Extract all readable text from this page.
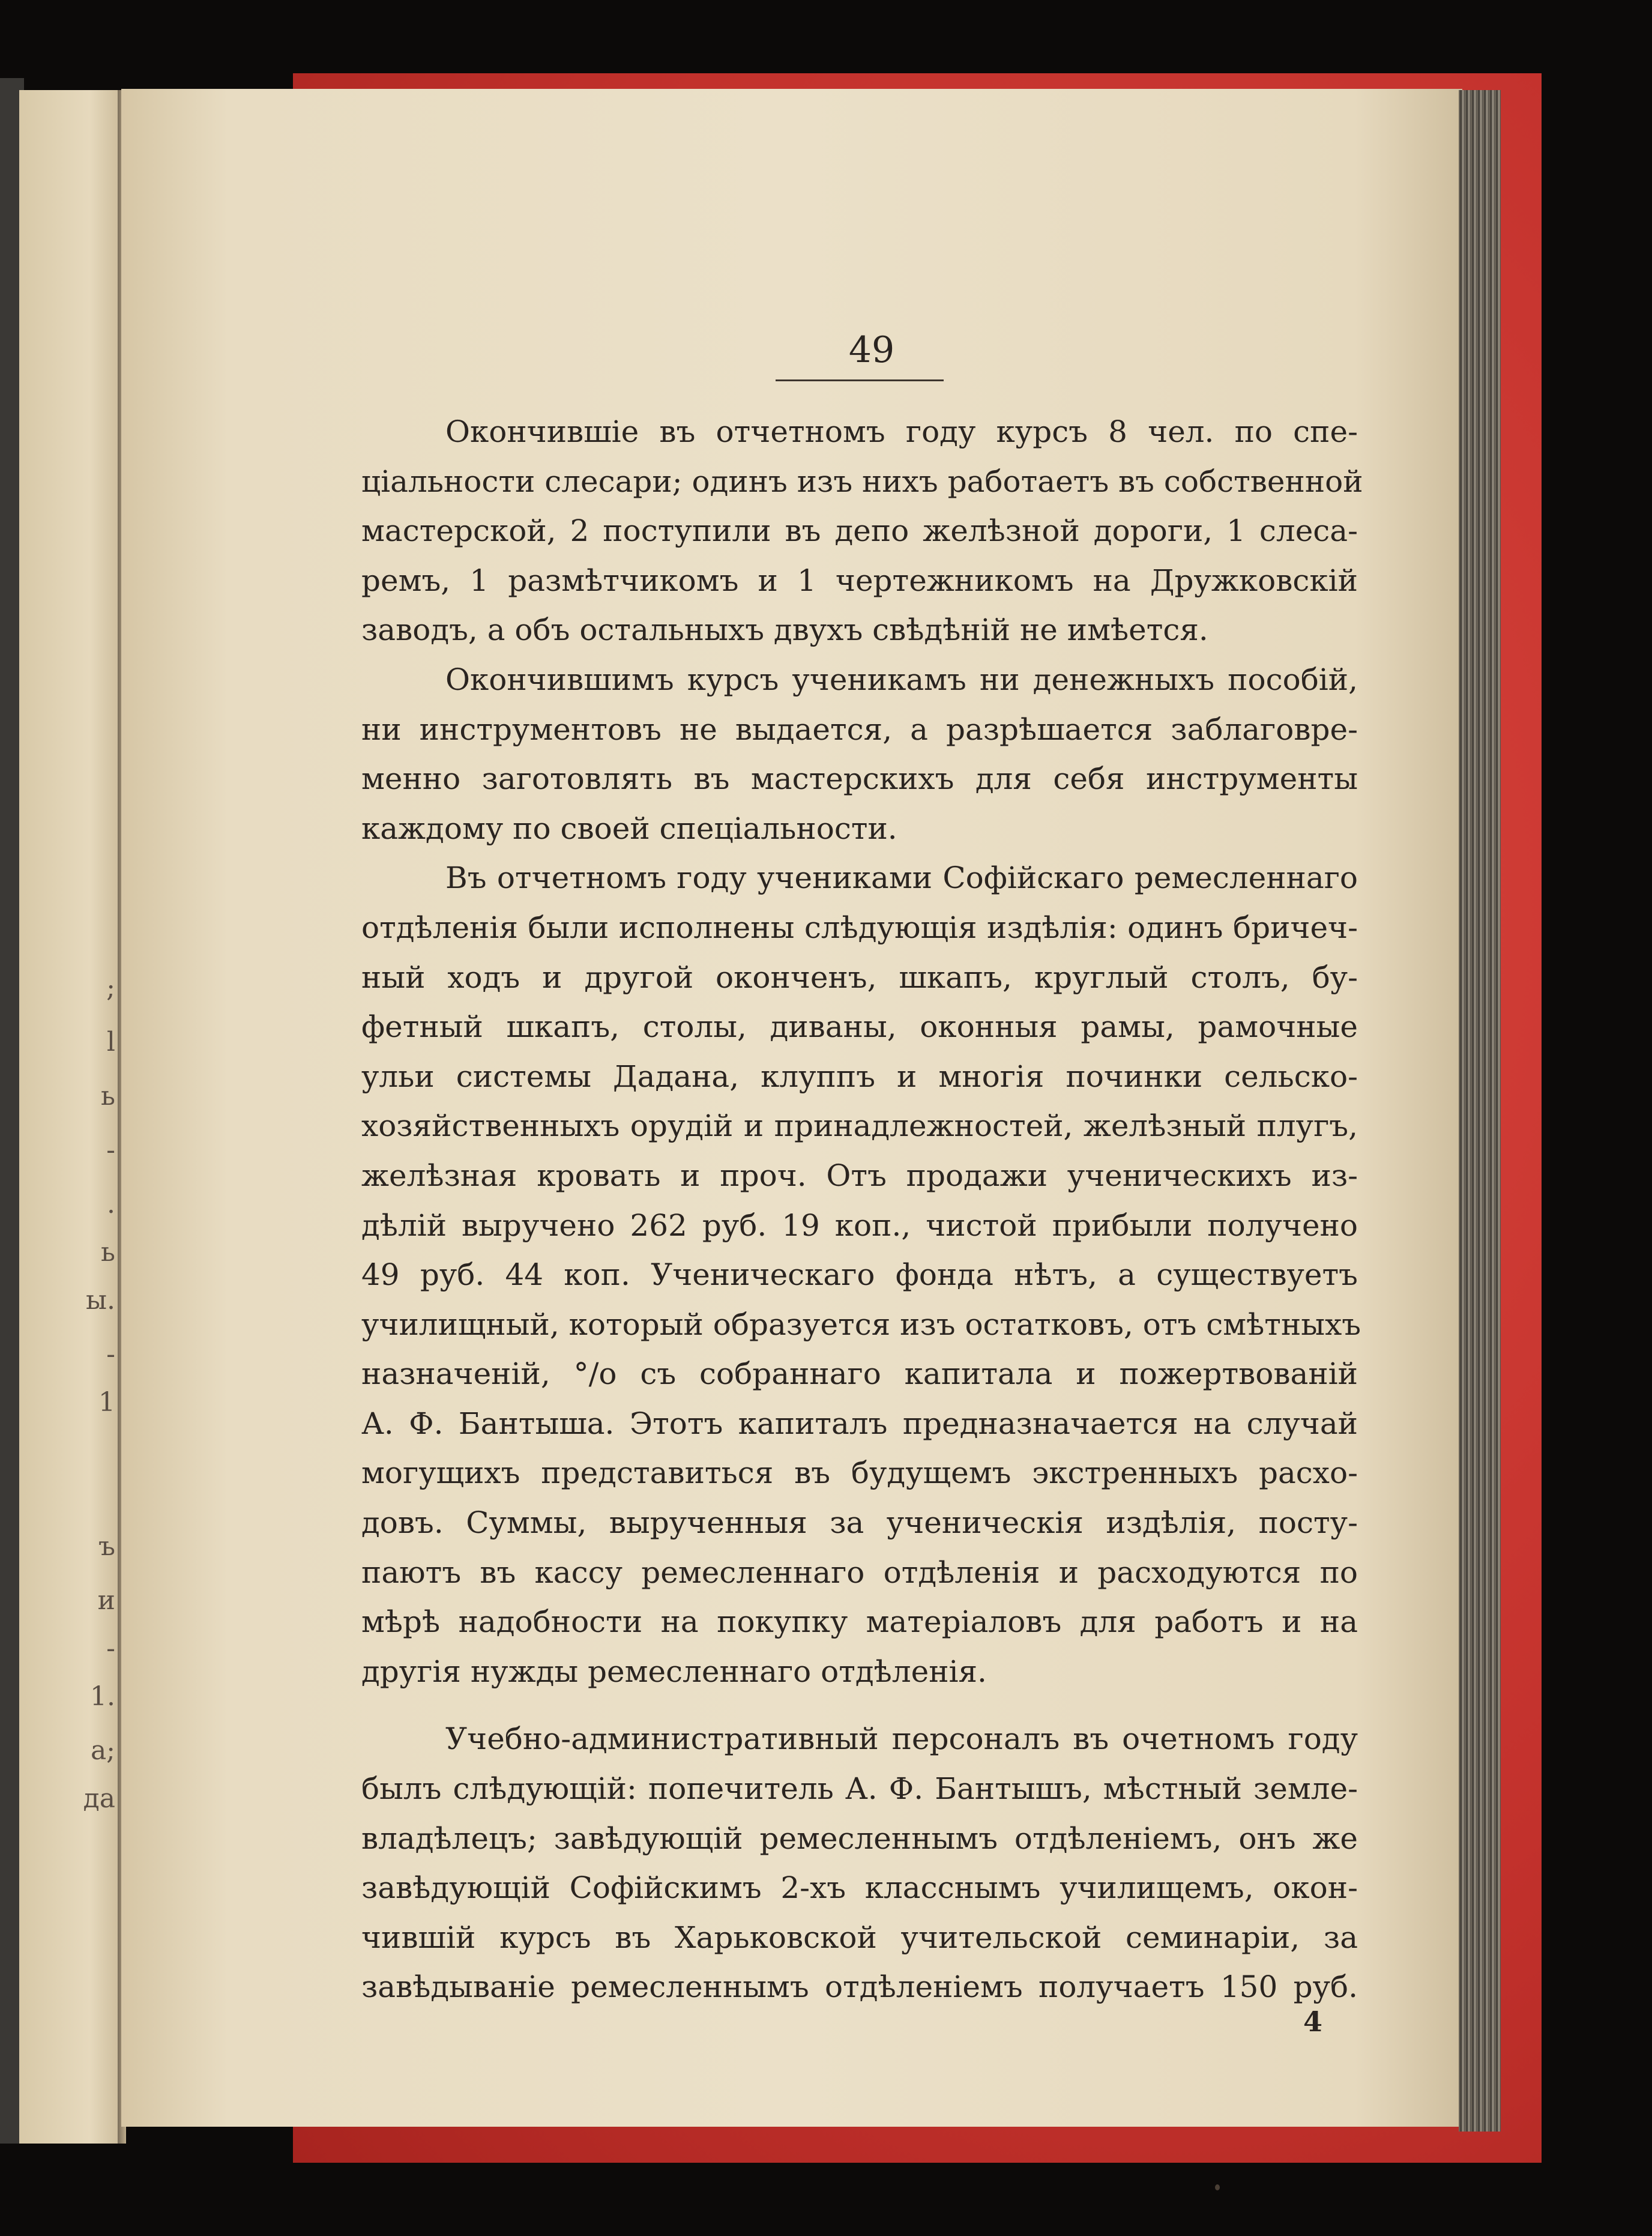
;
l
ь
-
.
ь
ы.
-
1
ъ
и
-
1.
а;
да
49
Окончившіе въ отчетномъ году курсъ 8 чел. по спе-
ціальности слесари; одинъ изъ нихъ работаетъ въ собственной
мастерской, 2 поступили въ депо желѣзной дороги, 1 слеса-
ремъ, 1 размѣтчикомъ и 1 чертежникомъ на Дружковскій
заводъ, а объ остальныхъ двухъ свѣдѣній не имѣется.
Окончившимъ курсъ ученикамъ ни денежныхъ пособій,
ни инструментовъ не выдается, а разрѣшается заблаговре-
менно заготовлять въ мастерскихъ для себя инструменты
каждому по своей спеціальности.
Въ отчетномъ году учениками Софійскаго ремесленнаго
отдѣленія были исполнены слѣдующія издѣлія: одинъ бричеч-
ный ходъ и другой оконченъ, шкапъ, круглый столъ, бу-
фетный шкапъ, столы, диваны, оконныя рамы, рамочные
ульи системы Дадана, клуппъ и многія починки сельско-
хозяйственныхъ орудій и принадлежностей, желѣзный плугъ,
желѣзная кровать и проч. Отъ продажи ученическихъ из-
дѣлій выручено 262 руб. 19 коп., чистой прибыли получено
49 руб. 44 коп. Ученическаго фонда нѣтъ, а существуетъ
училищный, который образуется изъ остатковъ, отъ смѣтныхъ
назначеній, °/о съ собраннаго капитала и пожертвованій
А. Ф. Бантыша. Этотъ капиталъ предназначается на случай
могущихъ представиться въ будущемъ экстренныхъ расхо-
довъ. Суммы, вырученныя за ученическія издѣлія, посту-
паютъ въ кассу ремесленнаго отдѣленія и расходуются по
мѣрѣ надобности на покупку матеріаловъ для работъ и на
другія нужды ремесленнаго отдѣленія.
Учебно-административный персоналъ въ очетномъ году
былъ слѣдующій: попечитель А. Ф. Бантышъ, мѣстный земле-
владѣлецъ; завѣдующій ремесленнымъ отдѣленіемъ, онъ же
завѣдующій Софійскимъ 2-хъ класснымъ училищемъ, окон-
чившій курсъ въ Харьковской учительской семинаріи, за
завѣдываніе ремесленнымъ отдѣленіемъ получаетъ 150 руб.
4
